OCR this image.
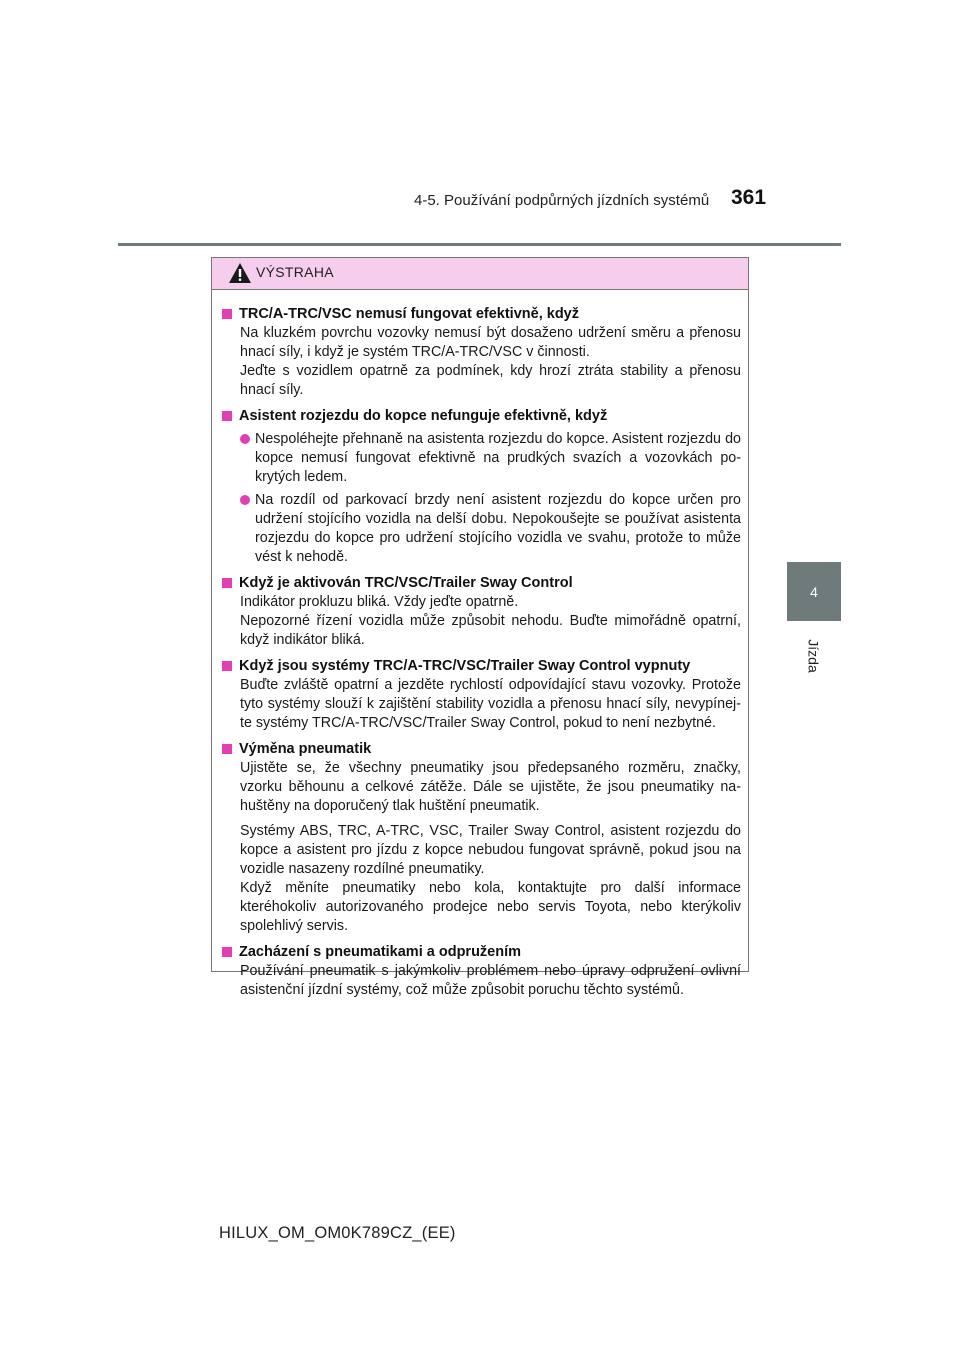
4-5. Používání podpůrných jízdních systémů 361
4
Jízda
VÝSTRAHA
TRC/A-TRC/VSC nemusí fungovat efektivně, když
Na kluzkém povrchu vozovky nemusí být dosaženo udržení směru a přenosu hnací síly, i když je systém TRC/A-TRC/VSC v činnosti.
Jeďte s vozidlem opatrně za podmínek, kdy hrozí ztráta stability a přenosu hnací síly.
Asistent rozjezdu do kopce nefunguje efektivně, když
Nespoléhejte přehnaně na asistenta rozjezdu do kopce. Asistent rozjezdu do kopce nemusí fungovat efektivně na prudkých svazích a vozovkách po-krytých ledem.
Na rozdíl od parkovací brzdy není asistent rozjezdu do kopce určen pro udržení stojícího vozidla na delší dobu. Nepokoušejte se používat asistenta rozjezdu do kopce pro udržení stojícího vozidla ve svahu, protože to může vést k nehodě.
Když je aktivován TRC/VSC/Trailer Sway Control
Indikátor prokluzu bliká. Vždy jeďte opatrně.
Nepozorné řízení vozidla může způsobit nehodu. Buďte mimořádně opatrní, když indikátor bliká.
Když jsou systémy TRC/A-TRC/VSC/Trailer Sway Control vypnuty
Buďte zvláště opatrní a jezděte rychlostí odpovídající stavu vozovky. Protože tyto systémy slouží k zajištění stability vozidla a přenosu hnací síly, nevypínej-te systémy TRC/A-TRC/VSC/Trailer Sway Control, pokud to není nezbytné.
Výměna pneumatik
Ujistěte se, že všechny pneumatiky jsou předepsaného rozměru, značky, vzorku běhounu a celkové zátěže. Dále se ujistěte, že jsou pneumatiky na-huštěny na doporučený tlak huštění pneumatik.
Systémy ABS, TRC, A-TRC, VSC, Trailer Sway Control, asistent rozjezdu do kopce a asistent pro jízdu z kopce nebudou fungovat správně, pokud jsou na vozidle nasazeny rozdílné pneumatiky.
Když měníte pneumatiky nebo kola, kontaktujte pro další informace kteréhokoliv autorizovaného prodejce nebo servis Toyota, nebo kterýkoliv spolehlivý servis.
Zacházení s pneumatikami a odpružením
Používání pneumatik s jakýmkoliv problémem nebo úpravy odpružení ovlivní asistenční jízdní systémy, což může způsobit poruchu těchto systémů.
HILUX_OM_OM0K789CZ_(EE)
